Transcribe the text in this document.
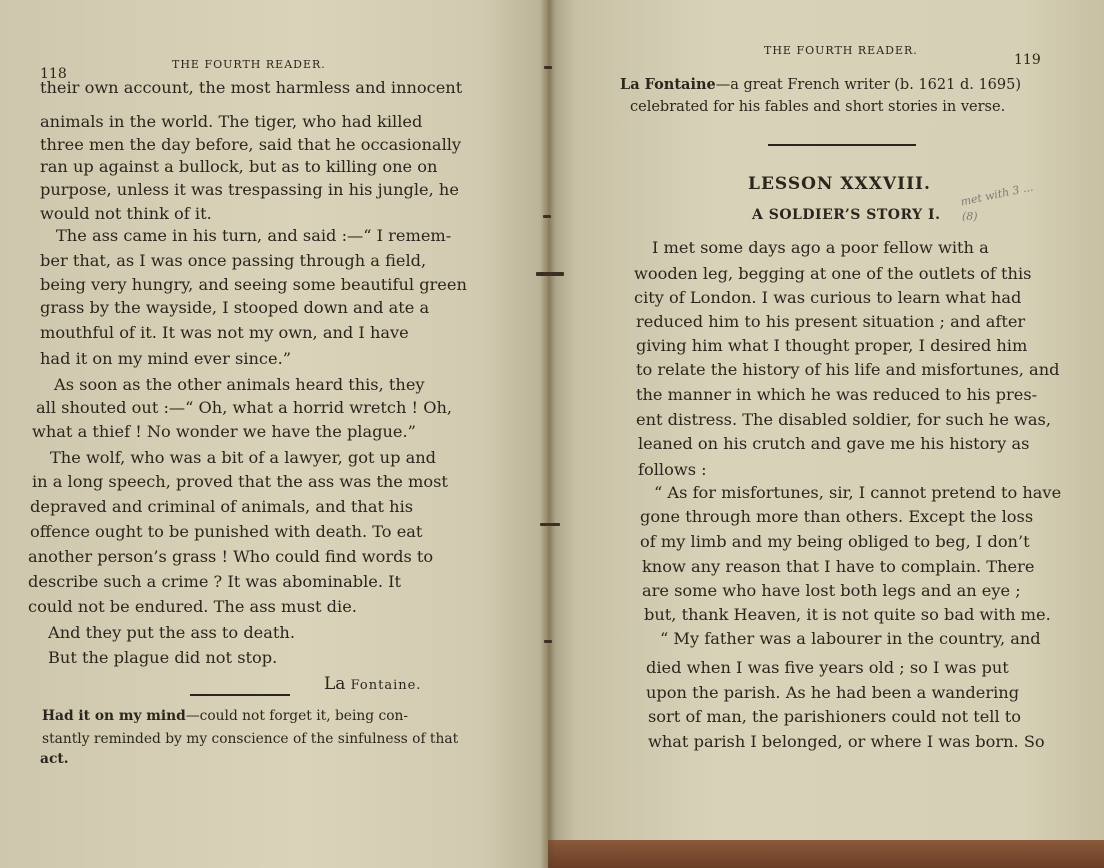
118
THE FOURTH READER.
their own account, the most harmless and innocent
animals in the world. The tiger, who had killed
three men the day before, said that he occasionally
ran up against a bullock, but as to killing one on
purpose, unless it was trespassing in his jungle, he
would not think of it.
The ass came in his turn, and said :—“ I remem-
ber that, as I was once passing through a field,
being very hungry, and seeing some beautiful green
grass by the wayside, I stooped down and ate a
mouthful of it. It was not my own, and I have
had it on my mind ever since.”
As soon as the other animals heard this, they
all shouted out :—“ Oh, what a horrid wretch ! Oh,
what a thief ! No wonder we have the plague.”
The wolf, who was a bit of a lawyer, got up and
in a long speech, proved that the ass was the most
depraved and criminal of animals, and that his
offence ought to be punished with death. To eat
another person’s grass ! Who could find words to
describe such a crime ? It was abominable. It
could not be endured. The ass must die.
And they put the ass to death.
But the plague did not stop.
La Fontaine.
Had it on my mind—could not forget it, being con-
stantly reminded by my conscience of the sinfulness of that
act.
THE FOURTH READER.
119
La Fontaine—a great French writer (b. 1621 d. 1695)
celebrated for his fables and short stories in verse.
LESSON XXXVIII.
A SOLDIER’S STORY I.
met with 3 ...
(8)
I met some days ago a poor fellow with a
wooden leg, begging at one of the outlets of this
city of London. I was curious to learn what had
reduced him to his present situation ; and after
giving him what I thought proper, I desired him
to relate the history of his life and misfortunes, and
the manner in which he was reduced to his pres-
ent distress. The disabled soldier, for such he was,
leaned on his crutch and gave me his history as
follows :
“ As for misfortunes, sir, I cannot pretend to have
gone through more than others. Except the loss
of my limb and my being obliged to beg, I don’t
know any reason that I have to complain. There
are some who have lost both legs and an eye ;
but, thank Heaven, it is not quite so bad with me.
“ My father was a labourer in the country, and
died when I was five years old ; so I was put
upon the parish. As he had been a wandering
sort of man, the parishioners could not tell to
what parish I belonged, or where I was born. So
